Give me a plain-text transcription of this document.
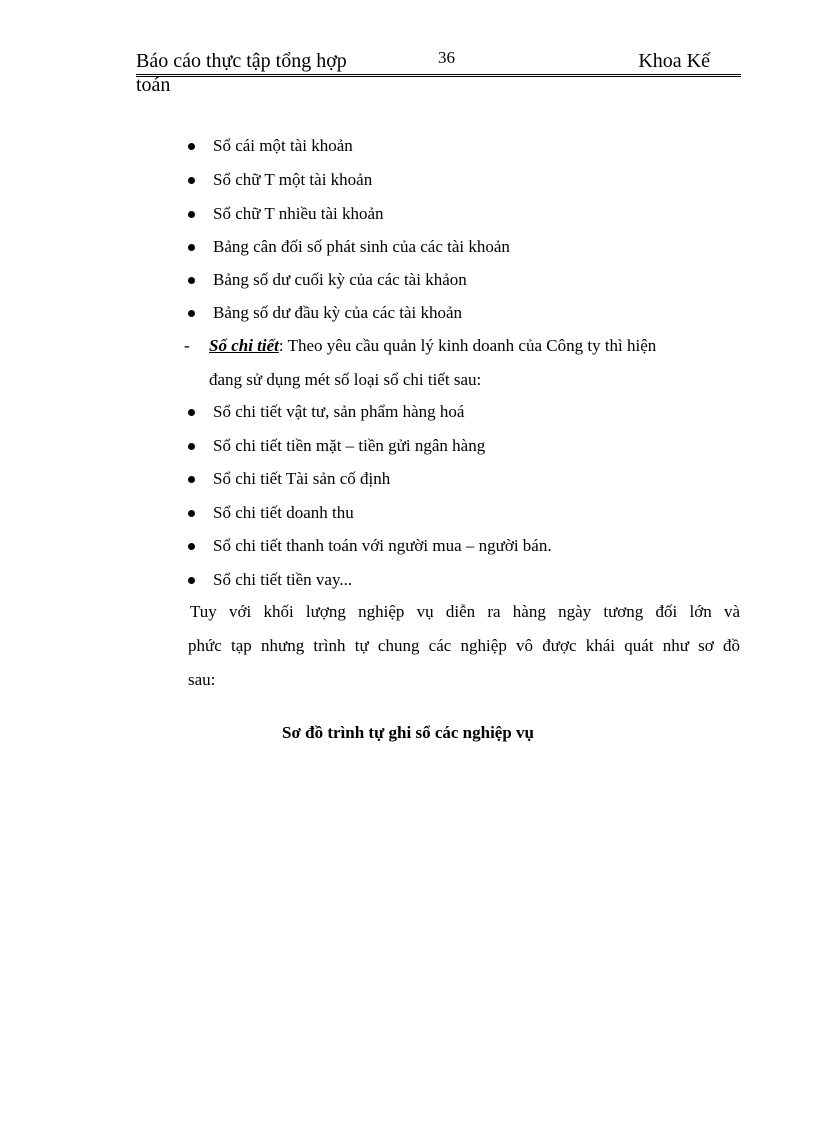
Báo cáo thực tập tổng hợp	36	Khoa Kế
toán
Sổ cái một tài khoản
Sổ chữ T một tài khoản
Sổ chữ T nhiều tài khoản
Bảng cân đối số phát sinh của các tài khoản
Bảng số dư cuối kỳ của các tài khảon
Bảng số dư đầu kỳ của các tài khoản
- Sổ chi tiết: Theo yêu cầu quản lý kinh doanh của Công ty thì hiện
đang sử dụng mét số loại sổ chi tiết sau:
Sổ chi tiết vật tư, sản phẩm hàng hoá
Sổ chi tiết tiền mặt – tiền gửi ngân hàng
Sổ chi tiết Tài sản cố định
Sổ chi tiết doanh thu
Sổ chi tiết thanh toán với người mua – người bán.
Sổ chi tiết tiền vay...
Tuy với khối lượng nghiệp vụ diễn ra hàng ngày tương đối lớn và
phức tạp nhưng trình tự chung các nghiệp vô được khái quát như sơ đồ
sau:
Sơ đồ trình tự ghi sổ các nghiệp vụ
